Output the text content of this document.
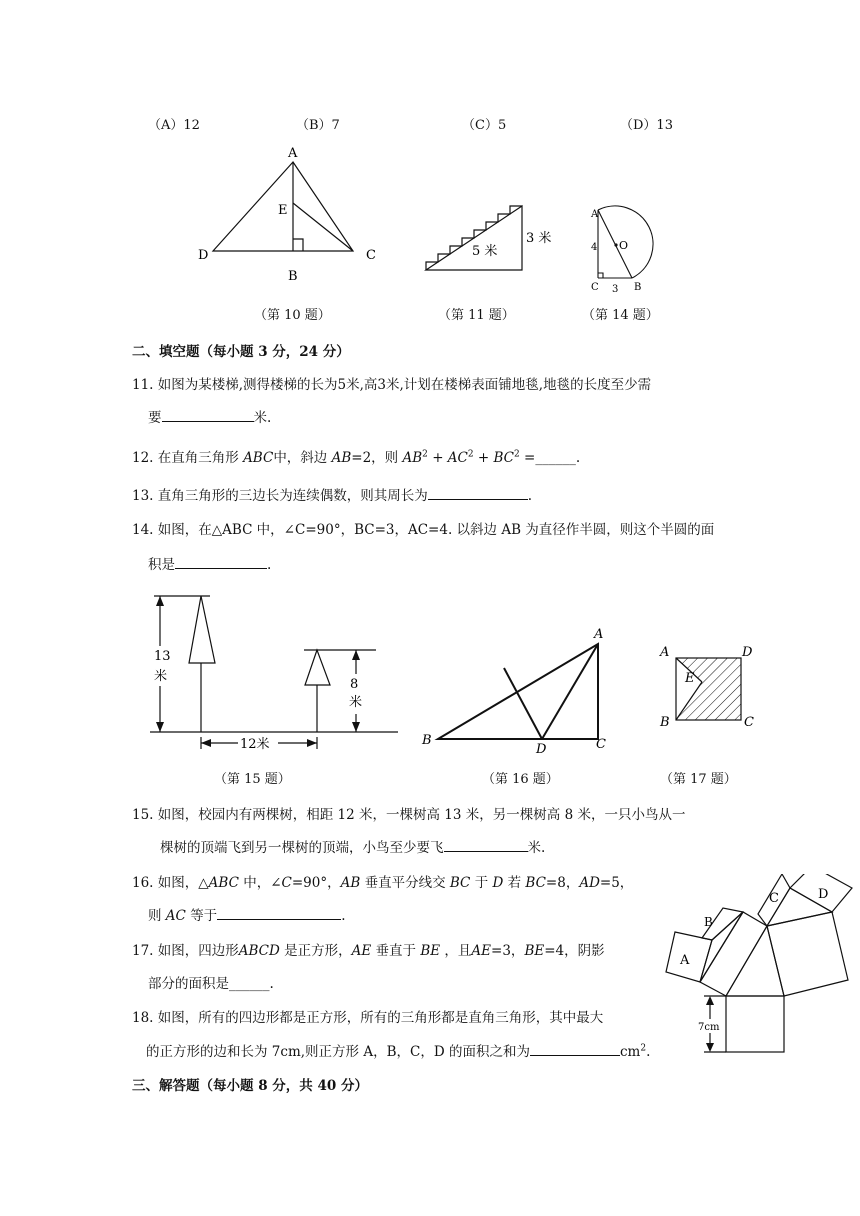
（A）12	（B）7	（C）5	（D）13
A
E
D
B
C
（第 10 题）
5 米
3 米
（第 11 题）
A
O
4
C 3 B
（第 14 题）
二、填空题（每小题 3 分，24 分）
11. 如图为某楼梯,测得楼梯的长为5米,高3米,计划在楼梯表面铺地毯,地毯的长度至少需
要	米.
12. 在直角三角形 ABC中，斜边 AB=2，则 $AB^2 + AC^2 + BC^2$ =______.
13. 直角三角形的三边长为连续偶数，则其周长为	.
14. 如图，在△ABC 中，∠C=90°，BC=3，AC=4. 以斜边 AB 为直径作半圆，则这个半圆的面
积是	.
13
米
8
米
12米
（第 15 题）
A
B
D	C
（第 16 题）
A	D
E
B	C
（第 17 题）
15. 如图，校园内有两棵树，相距 12 米，一棵树高 13 米，另一棵树高 8 米，一只小鸟从一
棵树的顶端飞到另一棵树的顶端，小鸟至少要飞	米.
16. 如图，△ABC 中，∠C=90°，AB 垂直平分线交 BC 于 D 若 BC=8，AD=5，
则 AC 等于	.
17. 如图，四边形ABCD 是正方形，AE 垂直于 BE ，且AE=3，BE=4，阴影
部分的面积是______.
18. 如图，所有的四边形都是正方形，所有的三角形都是直角三角形，其中最大
的正方形的边和长为 7cm,则正方形 A，B，C，D 的面积之和为	$cm^2$.
A
B
C	D
7cm
三、解答题（每小题 8 分，共 40 分）
